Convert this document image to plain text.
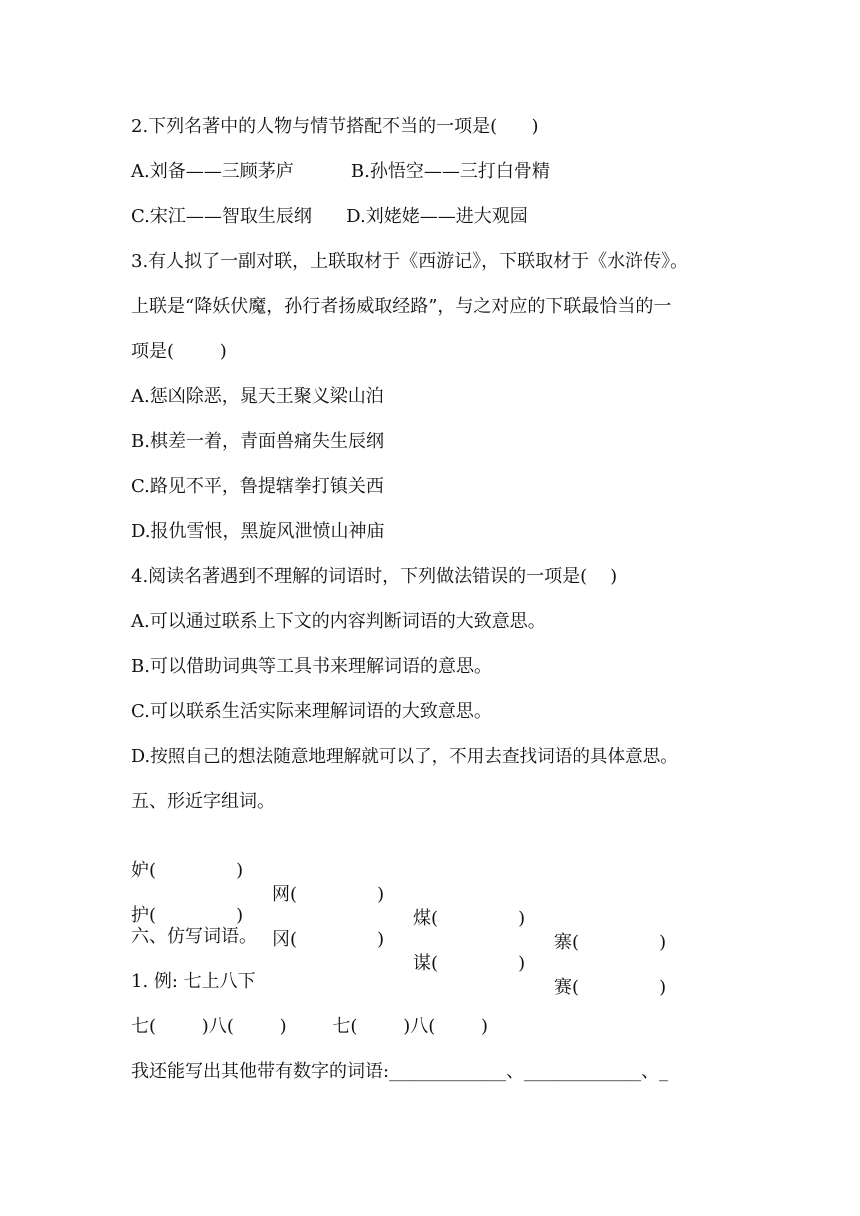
2.下列名著中的人物与情节搭配不当的一项是(      )
A.刘备——三顾茅庐          B.孙悟空——三打白骨精
C.宋江——智取生辰纲      D.刘姥姥——进大观园
3.有人拟了一副对联，上联取材于《西游记》，下联取材于《水浒传》。
上联是“降妖伏魔，孙行者扬威取经路”，与之对应的下联最恰当的一
项是(        )
A.惩凶除恶，晁天王聚义梁山泊
B.棋差一着，青面兽痛失生辰纲
C.路见不平，鲁提辖拳打镇关西
D.报仇雪恨，黑旋风泄愤山神庙
4.阅读名著遇到不理解的词语时，下列做法错误的一项是(    )
A.可以通过联系上下文的内容判断词语的大致意思。
B.可以借助词典等工具书来理解词语的意思。
C.可以联系生活实际来理解词语的大致意思。
D.按照自己的想法随意地理解就可以了，不用去查找词语的具体意思。
五、形近字组词。

妒(              )

网(              )

煤(              )

寨(              )

护(              )

冈(              )

谋(              )

赛(              )

六、仿写词语。
1. 例: 七上八下
七(        )八(        )        七(        )八(        )
我还能写出其他带有数字的词语:_____________、_____________、_
